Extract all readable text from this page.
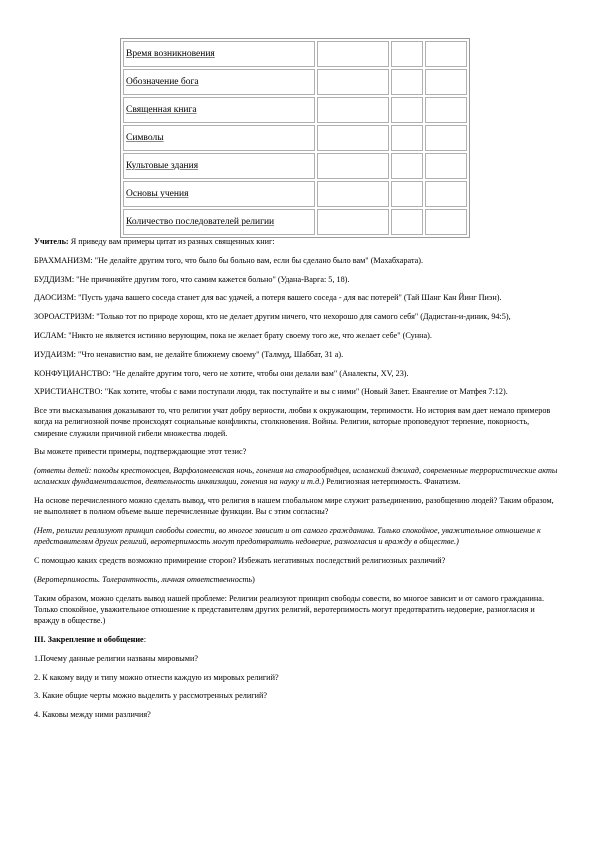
Время возникновения			
Обозначение бога			
Священная книга			
Символы			
Культовые здания			
Основы учения			
Количество последователей религии			

Учитель: Я приведу вам примеры цитат из разных священных книг:

БРАХМАНИЗМ: "Не делайте другим того, что было бы больно вам, если бы сделано было вам" (Махабхарата).

БУДДИЗМ: "Не причиняйте другим того, что самим кажется больно" (Удана-Варга: 5, 18).

ДАОСИЗМ: "Пусть удача вашего соседа станет для вас удачей, а потеря вашего соседа - для вас потерей" (Тай Шанг Кан Йинг Пиэн).

ЗОРОАСТРИЗМ: "Только тот по природе хорош, кто не делает другим ничего, что нехорошо для самого себя" (Дадистан-и-диник, 94:5),

ИСЛАМ: "Никто не является истинно верующим, пока не желает брату своему того же, что желает себе" (Сунна).

ИУДАИЗМ: "Что ненавистно вам, не делайте ближнему своему" (Талмуд, Шаббат, 31 а).

КОНФУЦИАНСТВО: "Не делайте другим того, чего не хотите, чтобы они делали вам" (Аналекты, XV, 23).

ХРИСТИАНСТВО: "Как хотите, чтобы с вами поступали люди, так поступайте и вы с ними" (Новый Завет. Евангелие от Матфея 7:12).

Все эти высказывания доказывают то, что религии учат добру верности, любви к окружающим, терпимости. Но история вам дает немало примеров когда на религиозной почве происходят социальные конфликты, столкновения. Войны. Религии, которые проповедуют терпение, покорность, смирение служили причиной гибели множества людей.

Вы можете привести примеры, подтверждающие этот тезис?

(ответы детей: походы крестоносцев, Варфоломеевская ночь, гонения на старообрядцев, исламский джихад, современные террористические акты исламских фундаменталистов, деятельность инквизиции, гонения на науку и т.д.) Религиозная нетерпимость. Фанатизм.

На основе перечисленного можно сделать вывод, что религия в нашем глобальном мире служит разъединению, разобщению людей? Таким образом, не выполняет в полном объеме выше перечисленные функции. Вы с этим согласны?

(Нет, религии реализуют принцип свободы совести, во многое зависит и от самого гражданина. Только спокойное, уважительное отношение к представителям других религий, веротерпимость могут предотвратить недоверие, разногласия и вражду в обществе.)

С помощью каких средств возможно примирение сторон? Избежать негативных последствий религиозных различий?

(Веротерпимость. Толерантность, личная ответственность)

Таким образом, можно сделать вывод нашей проблеме: Религии реализуют принцип свободы совести, во многое зависит и от самого гражданина. Только спокойное, уважительное отношение к представителям других религий, веротерпимость могут предотвратить недоверие, разногласия и вражду в обществе.)

III. Закрепление и обобщение:

1.Почему данные религии названы мировыми?

2. К какому виду и типу можно отнести каждую из мировых религий?

3. Какие общие черты можно выделить у рассмотренных религий?

4. Каковы между ними различия?
